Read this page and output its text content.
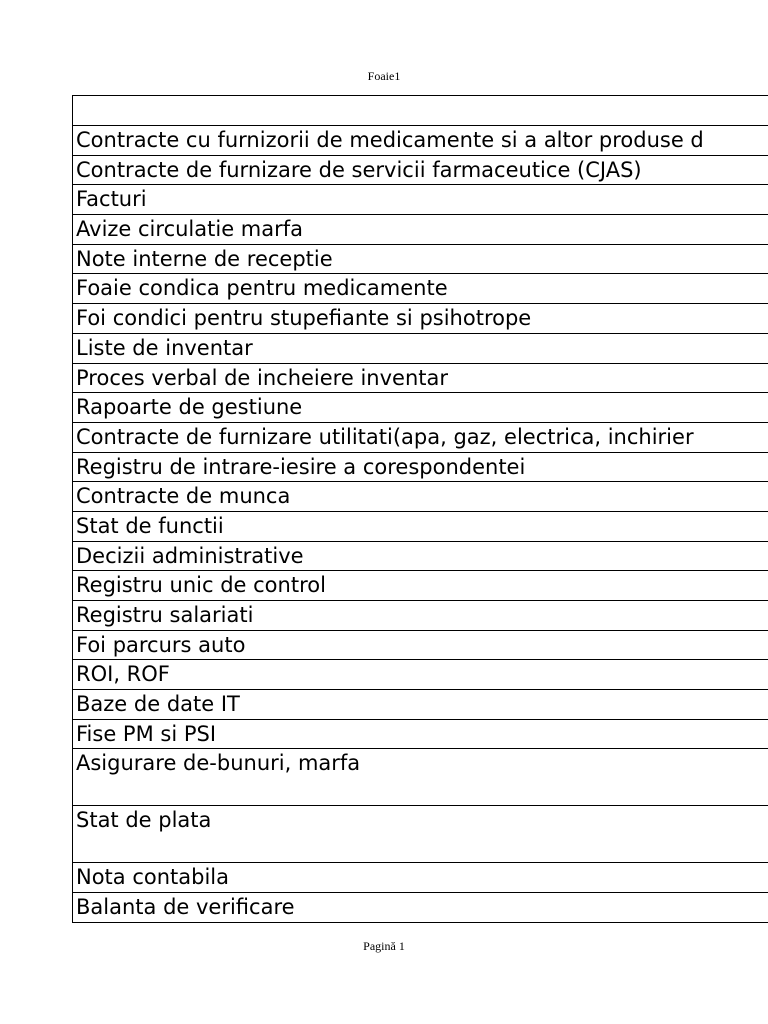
Foaie1
Contracte cu furnizorii de medicamente si a altor produse d
Contracte de furnizare de servicii farmaceutice (CJAS)
Facturi
Avize circulatie marfa
Note interne de receptie
Foaie condica pentru medicamente
Foi condici pentru stupefiante si psihotrope
Liste de inventar
Proces verbal de incheiere inventar
Rapoarte de gestiune
Contracte de furnizare utilitati(apa, gaz, electrica, inchirier
Registru de intrare-iesire a corespondentei
Contracte de munca
Stat de functii
Decizii administrative
Registru unic de control
Registru salariati
Foi parcurs auto
ROI, ROF
Baze de date IT
Fise PM si PSI
Asigurare de-bunuri, marfa
Stat de plata
Nota contabila
Balanta de verificare
Pagină 1
